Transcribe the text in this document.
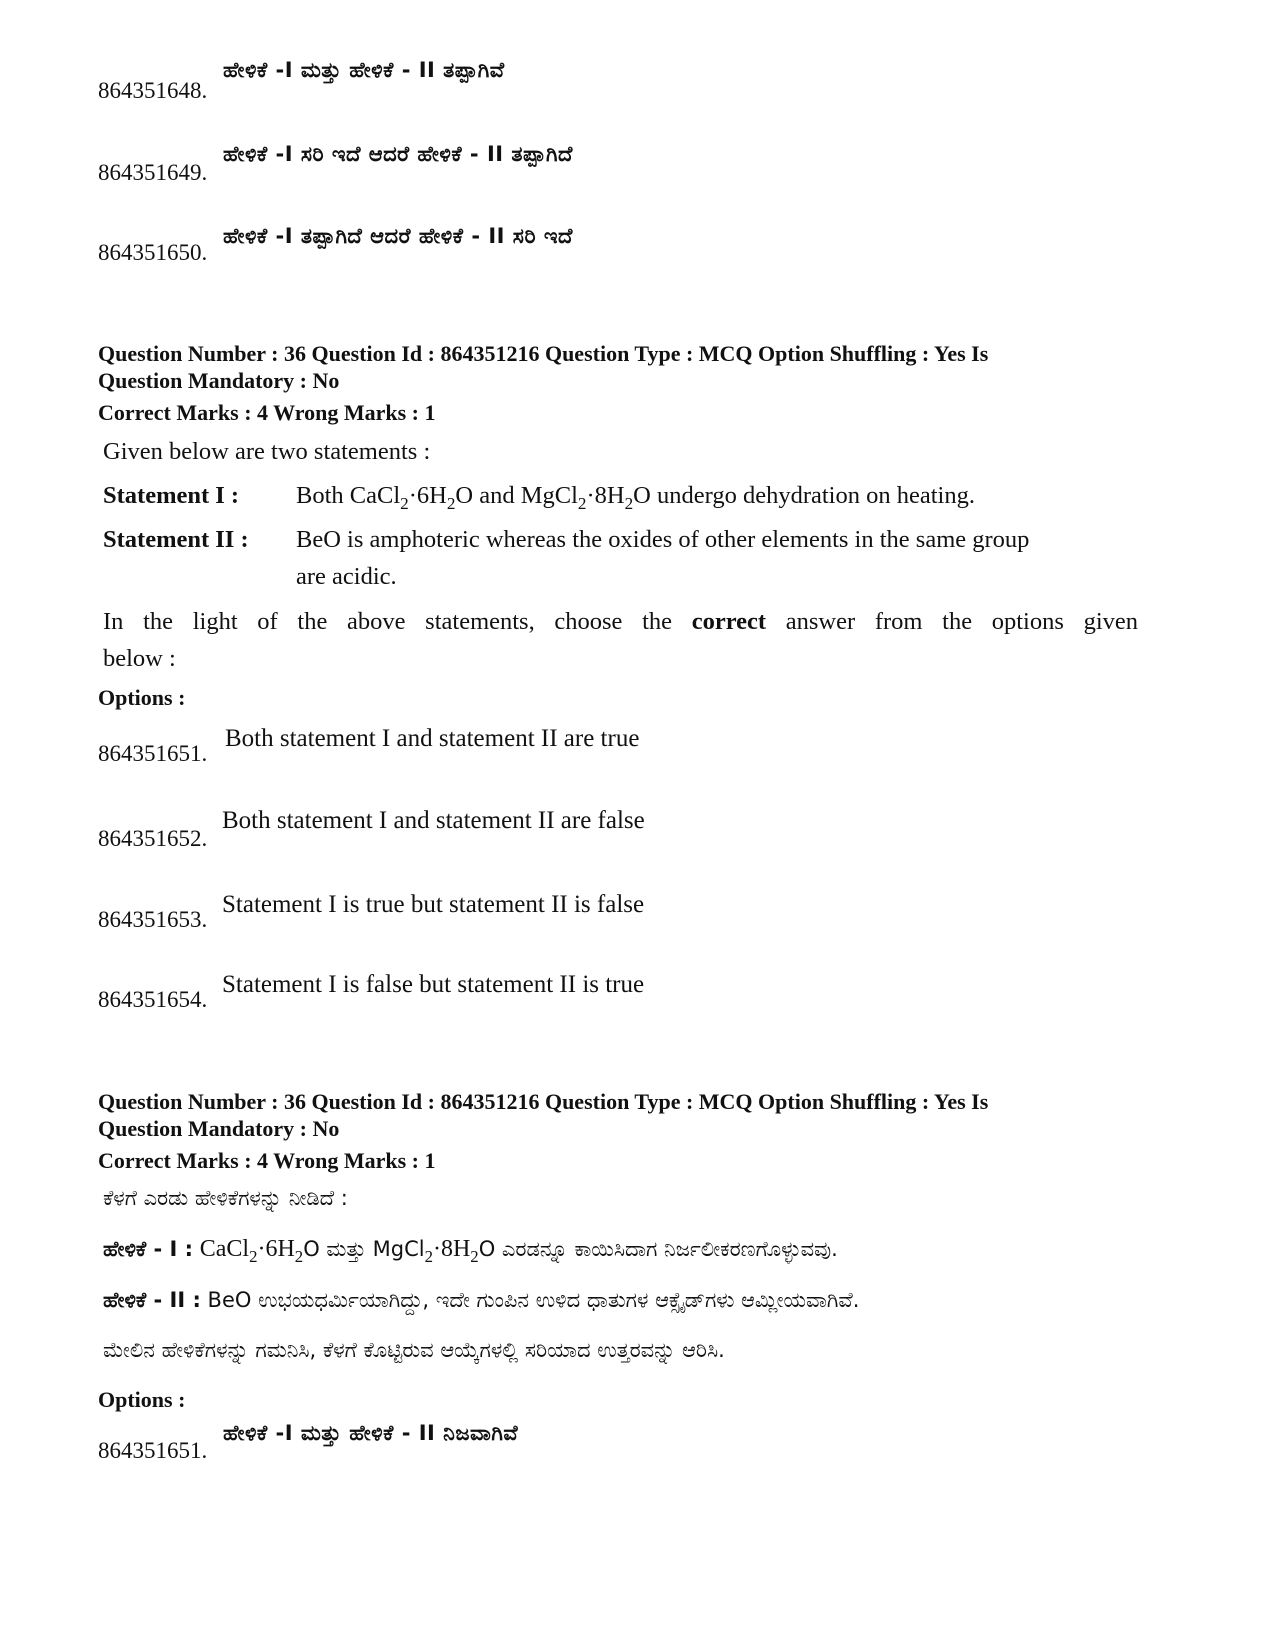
864351648.
ಹೇಳಿಕೆ -I ಮತ್ತು ಹೇಳಿಕೆ - II ತಪ್ಪಾಗಿವೆ
864351649.
ಹೇಳಿಕೆ -I ಸರಿ ಇದೆ ಆದರೆ ಹೇಳಿಕೆ - II ತಪ್ಪಾಗಿದೆ
864351650.
ಹೇಳಿಕೆ -I ತಪ್ಪಾಗಿದೆ ಆದರೆ ಹೇಳಿಕೆ - II ಸರಿ ಇದೆ
Question Number : 36 Question Id : 864351216 Question Type : MCQ Option Shuffling : Yes Is
Question Mandatory : No
Correct Marks : 4 Wrong Marks : 1
Given below are two statements :
Statement I : Both $CaCl_2\cdot 6H_2O$ and $MgCl_2\cdot 8H_2O$ undergo dehydration on heating.
Statement II : BeO is amphoteric whereas the oxides of other elements in the same group
are acidic.
In the light of the above statements, choose the correct answer from the options given
below :
Options :
864351651.
Both statement I and statement II are true
864351652.
Both statement I and statement II are false
864351653.
Statement I is true but statement II is false
864351654.
Statement I is false but statement II is true
Question Number : 36 Question Id : 864351216 Question Type : MCQ Option Shuffling : Yes Is
Question Mandatory : No
Correct Marks : 4 Wrong Marks : 1
ಕೆಳಗೆ ಎರಡು ಹೇಳಿಕೆಗಳನ್ನು ನೀಡಿದೆ :
ಹೇಳಿಕೆ - I : $CaCl_2\cdot 6H_2O$ ಮತ್ತು $MgCl_2\cdot 8H_2O$ ಎರಡನ್ನೂ ಕಾಯಿಸಿದಾಗ ನಿರ್ಜಲೀಕರಣಗೊಳ್ಳುವವು.
ಹೇಳಿಕೆ - II : BeO ಉಭಯಧರ್ಮಿಯಾಗಿದ್ದು, ಇದೇ ಗುಂಪಿನ ಉಳಿದ ಧಾತುಗಳ ಆಕ್ಸೈಡ್‌ಗಳು ಆಮ್ಲೀಯವಾಗಿವೆ.
ಮೇಲಿನ ಹೇಳಿಕೆಗಳನ್ನು ಗಮನಿಸಿ, ಕೆಳಗೆ ಕೊಟ್ಟಿರುವ ಆಯ್ಕೆಗಳಲ್ಲಿ ಸರಿಯಾದ ಉತ್ತರವನ್ನು ಆರಿಸಿ.
Options :
864351651.
ಹೇಳಿಕೆ -I ಮತ್ತು ಹೇಳಿಕೆ - II ನಿಜವಾಗಿವೆ
